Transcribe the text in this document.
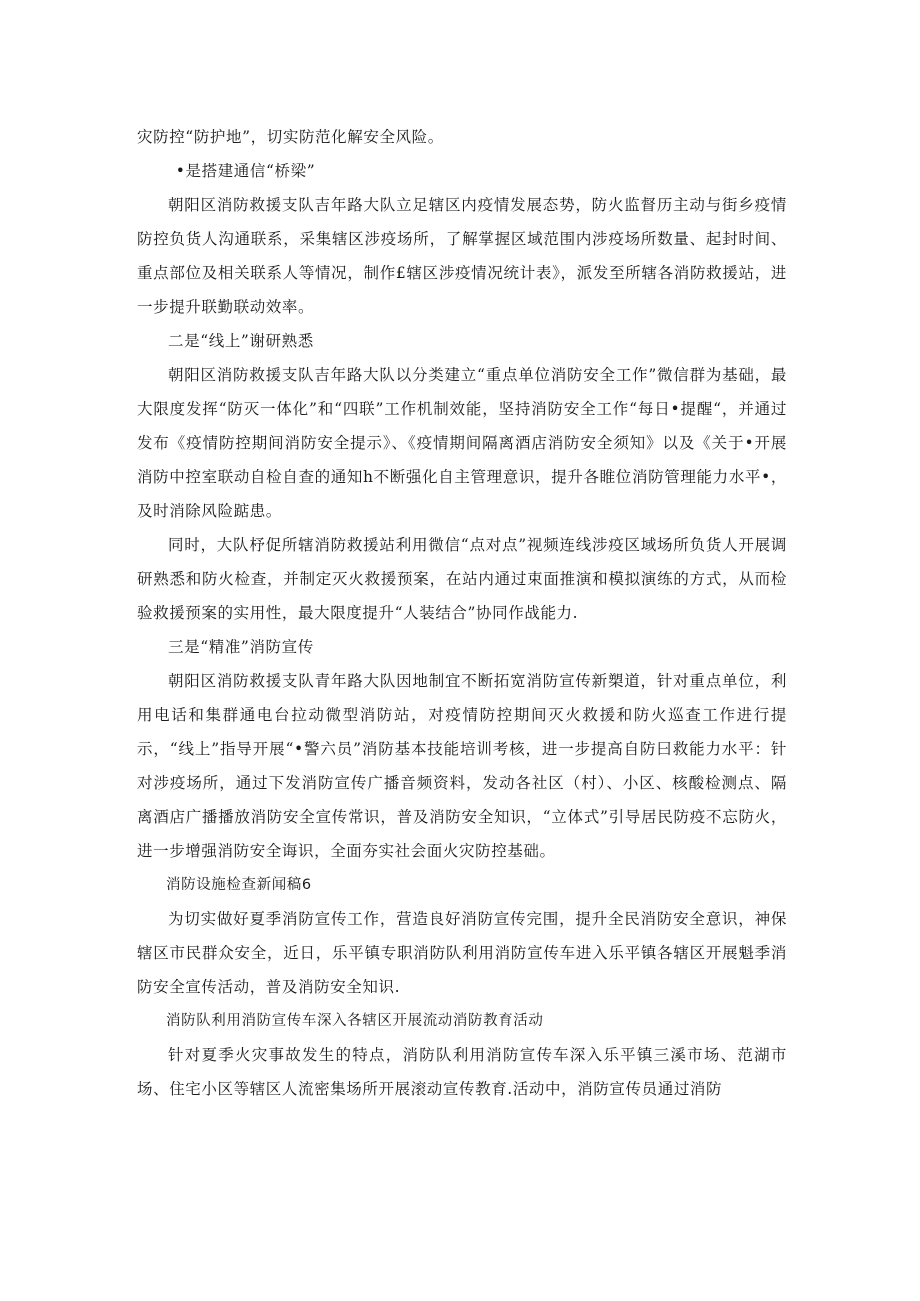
灾防控“防护地”，切实防范化解安全风险。

•是搭建通信“桥梁”

朝阳区消防救援支队吉年路大队立足辖区内疫情发展态势，防火监督历主动与街乡疫情防控负货人沟通联系，采集辖区涉疫场所，了解掌握区域范围内涉疫场所数量、起封时间、重点部位及相关联系人等情况，制作£辖区涉疫情况统计表》，派发至所辖各消防救援站，进一步提升联勤联动效率。

二是“线上”谢研熟悉

朝阳区消防救援支队吉年路大队以分类建立“重点单位消防安全工作”微信群为基础，最大限度发挥“防灭一体化”和“四联”工作机制效能，坚持消防安全工作“每日•提醒“，并通过发布《疫情防控期间消防安全提示》、《疫情期间隔离酒店消防安全须知》以及《关于•开展消防中控室联动自检自查的通知h不断强化自主管理意识，提升各睢位消防管理能力水平•，及时消除风险踮患。

同时，大队杼促所辖消防救援站利用微信“点对点”视频连线涉疫区域场所负货人开展调研熟悉和防火检查，并制定灭火救援预案，在站内通过束面推演和模拟演练的方式，从而检验救援预案的实用性，最大限度提升“人装结合”协同作战能力.

三是“精准”消防宣传

朝阳区消防救援支队青年路大队因地制宜不断拓宽消防宣传新槊道，针对重点单位，利用电话和集群通电台拉动微型消防站，对疫情防控期间灭火救援和防火巡查工作进行提示，“线上”指导开展“•警六员”消防基本技能培训考核，进一步提高自防曰救能力水平：针对涉疫场所，通过下发消防宣传广播音频资料，发动各社区（村）、小区、核酸检测点、隔离酒店广播播放消防安全宣传常识，普及消防安全知识，“立体式”引导居民防疫不忘防火，进一步增强消防安全诲识，全面夯实社会面火灾防控基础。

消防设施检查新闻稿6

为切实做好夏季消防宣传工作，营造良好消防宣传完围，提升全民消防安全意识，神保辖区市民群众安全，近日，乐平镇专职消防队利用消防宣传车进入乐平镇各辖区开展魁季消防安全宣传活动，普及消防安全知识.

消防队利用消防宣传车深入各辖区开展流动消防教育活动

针对夏季火灾事故发生的特点，消防队利用消防宣传车深入乐平镇三溪市场、范湖市场、住宅小区等辖区人流密集场所开展滚动宣传教育.活动中，消防宣传员通过消防
